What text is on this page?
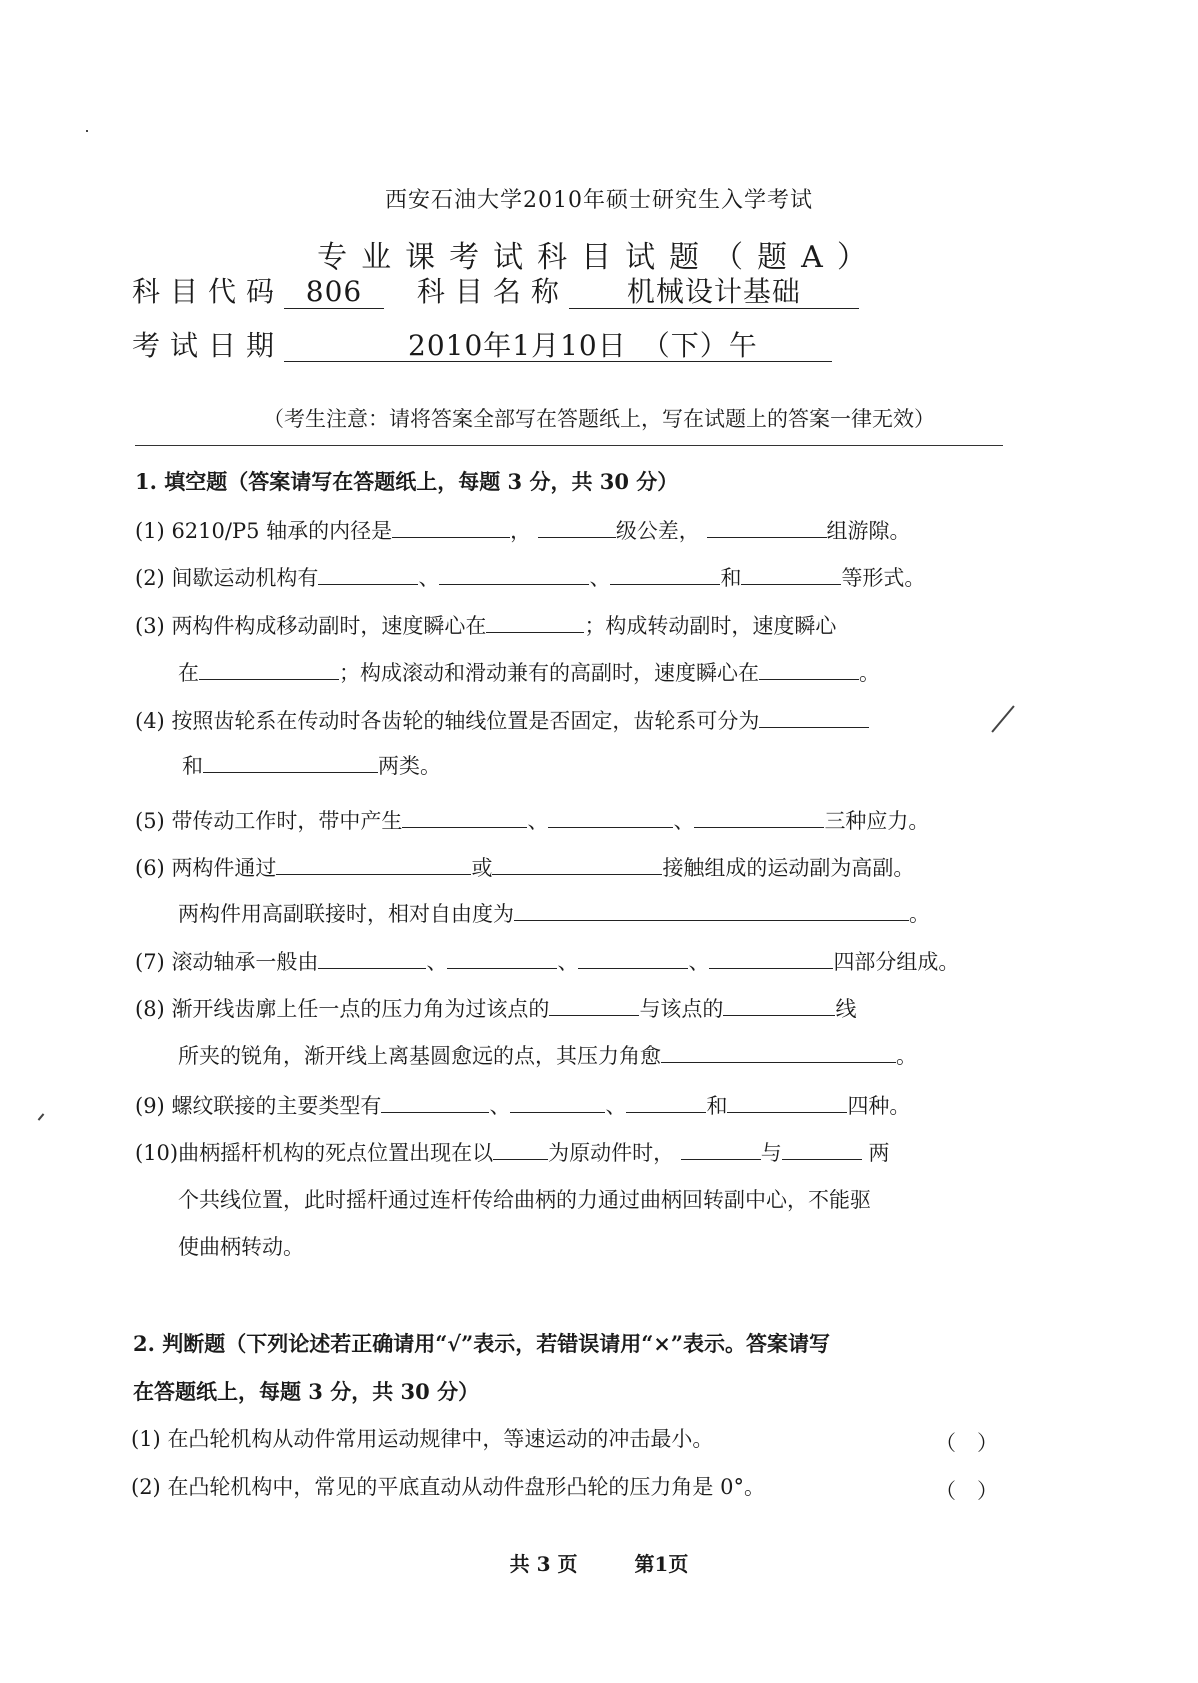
西安石油大学2010年硕士研究生入学考试
专业课考试科目试题（题A）
科目代码 806 科目名称 机械设计基础
考试日期	2010年1月10日　（下）午
（考生注意：请将答案全部写在答题纸上，写在试题上的答案一律无效）
1. 填空题（答案请写在答题纸上，每题 3 分，共 30 分）
(1) 6210/P5 轴承的内径是	，	级公差，	组游隙。
(2) 间歇运动机构有	、	、	和	等形式。
(3) 两构件构成移动副时，速度瞬心在	；构成转动副时，速度瞬心
在	；构成滚动和滑动兼有的高副时，速度瞬心在	。
(4) 按照齿轮系在传动时各齿轮的轴线位置是否固定，齿轮系可分为
和	两类。
(5) 带传动工作时，带中产生	、	、	三种应力。
(6) 两构件通过	或	接触组成的运动副为高副。
两构件用高副联接时，相对自由度为	。
(7) 滚动轴承一般由	、	、	、	四部分组成。
(8) 渐开线齿廓上任一点的压力角为过该点的	与该点的	线
所夹的锐角，渐开线上离基圆愈远的点，其压力角愈	。
(9) 螺纹联接的主要类型有	、	、	和	四种。
(10)曲柄摇杆机构的死点位置出现在以	为原动件时，	与	两
个共线位置，此时摇杆通过连杆传给曲柄的力通过曲柄回转副中心，不能驱
使曲柄转动。
2. 判断题（下列论述若正确请用“√”表示，若错误请用“×”表示。答案请写
在答题纸上，每题 3 分，共 30 分）
(1) 在凸轮机构从动件常用运动规律中，等速运动的冲击最小。	（　）
(2) 在凸轮机构中，常见的平底直动从动件盘形凸轮的压力角是 0°。	（　）
共 3 页	第1页
